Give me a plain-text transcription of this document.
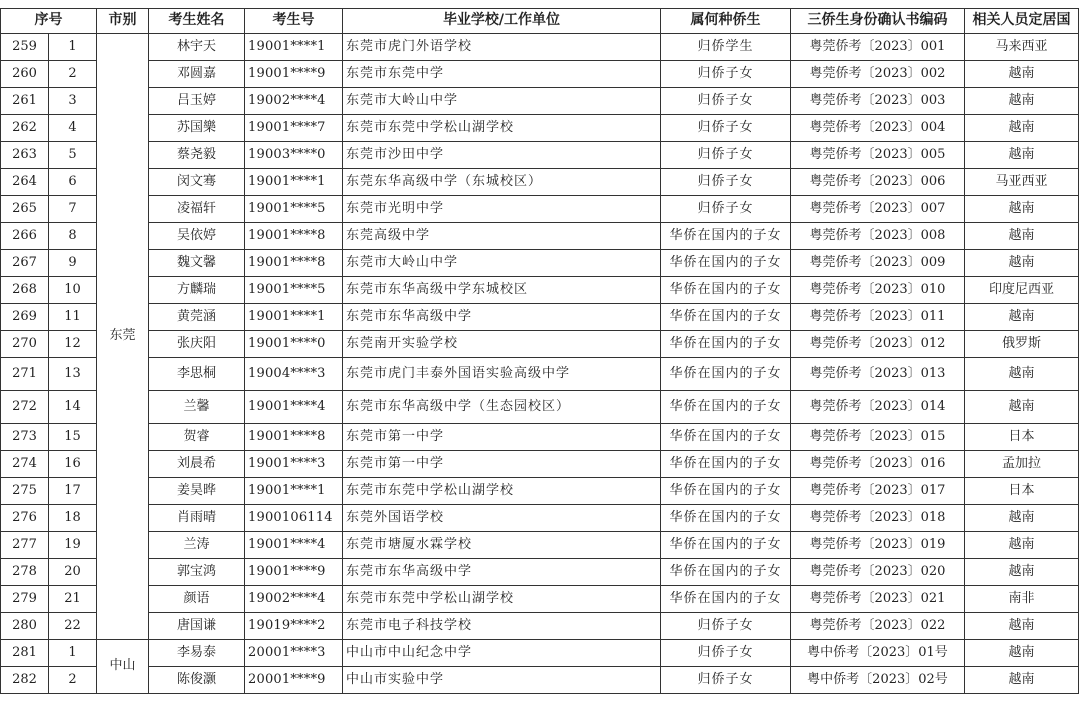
序号		市别	考生姓名	考生号	毕业学校/工作单位	属何种侨生	三侨生身份确认书编码	相关人员定居国
259	1	东莞	林宇天	19001****1	东莞市虎门外语学校	归侨学生	粤莞侨考〔2023〕001	马来西亚
260	2		邓圆嘉	19001****9	东莞市东莞中学	归侨子女	粤莞侨考〔2023〕002	越南
261	3		吕玉婷	19002****4	东莞市大岭山中学	归侨子女	粤莞侨考〔2023〕003	越南
262	4		苏国樂	19001****7	东莞市东莞中学松山湖学校	归侨子女	粤莞侨考〔2023〕004	越南
263	5		蔡尧毅	19003****0	东莞市沙田中学	归侨子女	粤莞侨考〔2023〕005	越南
264	6		闵文骞	19001****1	东莞东华高级中学（东城校区）	归侨子女	粤莞侨考〔2023〕006	马亚西亚
265	7		凌福轩	19001****5	东莞市光明中学	归侨子女	粤莞侨考〔2023〕007	越南
266	8		吴依婷	19001****8	东莞高级中学	华侨在国内的子女	粤莞侨考〔2023〕008	越南
267	9		魏文馨	19001****8	东莞市大岭山中学	华侨在国内的子女	粤莞侨考〔2023〕009	越南
268	10		方麟瑞	19001****5	东莞市东华高级中学东城校区	华侨在国内的子女	粤莞侨考〔2023〕010	印度尼西亚
269	11		黄莞涵	19001****1	东莞市东华高级中学	华侨在国内的子女	粤莞侨考〔2023〕011	越南
270	12		张庆阳	19001****0	东莞南开实验学校	华侨在国内的子女	粤莞侨考〔2023〕012	俄罗斯
271	13		李思桐	19004****3	东莞市虎门丰泰外国语实验高级中学	华侨在国内的子女	粤莞侨考〔2023〕013	越南
272	14		兰馨	19001****4	东莞市东华高级中学（生态园校区）	华侨在国内的子女	粤莞侨考〔2023〕014	越南
273	15		贺睿	19001****8	东莞市第一中学	华侨在国内的子女	粤莞侨考〔2023〕015	日本
274	16		刘晨希	19001****3	东莞市第一中学	华侨在国内的子女	粤莞侨考〔2023〕016	孟加拉
275	17		姜昊晔	19001****1	东莞市东莞中学松山湖学校	华侨在国内的子女	粤莞侨考〔2023〕017	日本
276	18		肖雨晴	1900106114	东莞外国语学校	华侨在国内的子女	粤莞侨考〔2023〕018	越南
277	19		兰涛	19001****4	东莞市塘厦水霖学校	华侨在国内的子女	粤莞侨考〔2023〕019	越南
278	20		郭宝鸿	19001****9	东莞市东华高级中学	华侨在国内的子女	粤莞侨考〔2023〕020	越南
279	21		颜语	19002****4	东莞市东莞中学松山湖学校	华侨在国内的子女	粤莞侨考〔2023〕021	南非
280	22		唐国谦	19019****2	东莞市电子科技学校	归侨子女	粤莞侨考〔2023〕022	越南
281	1	中山	李易泰	20001****3	中山市中山纪念中学	归侨子女	粤中侨考〔2023〕01号	越南
282	2		陈俊灏	20001****9	中山市实验中学	归侨子女	粤中侨考〔2023〕02号	越南
